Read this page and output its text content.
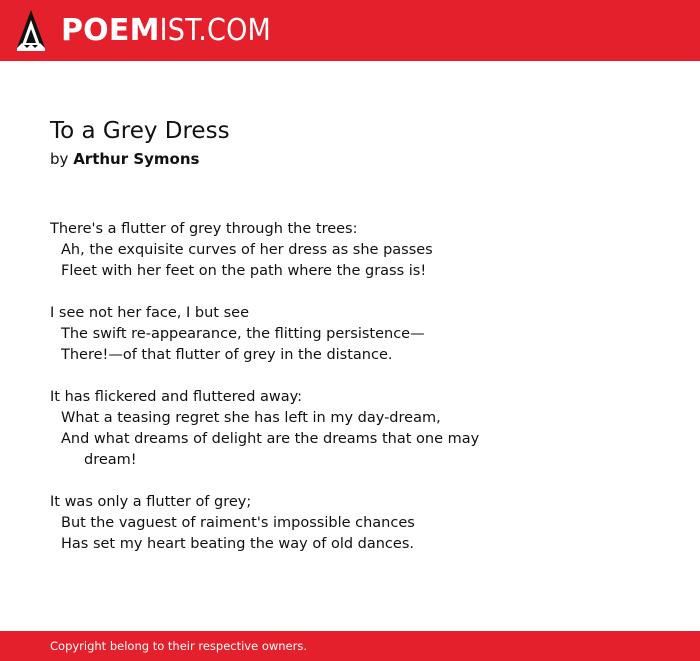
POEMIST.COM
To a Grey Dress
by Arthur Symons
There's a flutter of grey through the trees:
Ah, the exquisite curves of her dress as she passes
Fleet with her feet on the path where the grass is!
I see not her face, I but see
The swift re-appearance, the flitting persistence—
There!—of that flutter of grey in the distance.
It has flickered and fluttered away:
What a teasing regret she has left in my day-dream,
And what dreams of delight are the dreams that one may
dream!
It was only a flutter of grey;
But the vaguest of raiment's impossible chances
Has set my heart beating the way of old dances.
Copyright belong to their respective owners.
